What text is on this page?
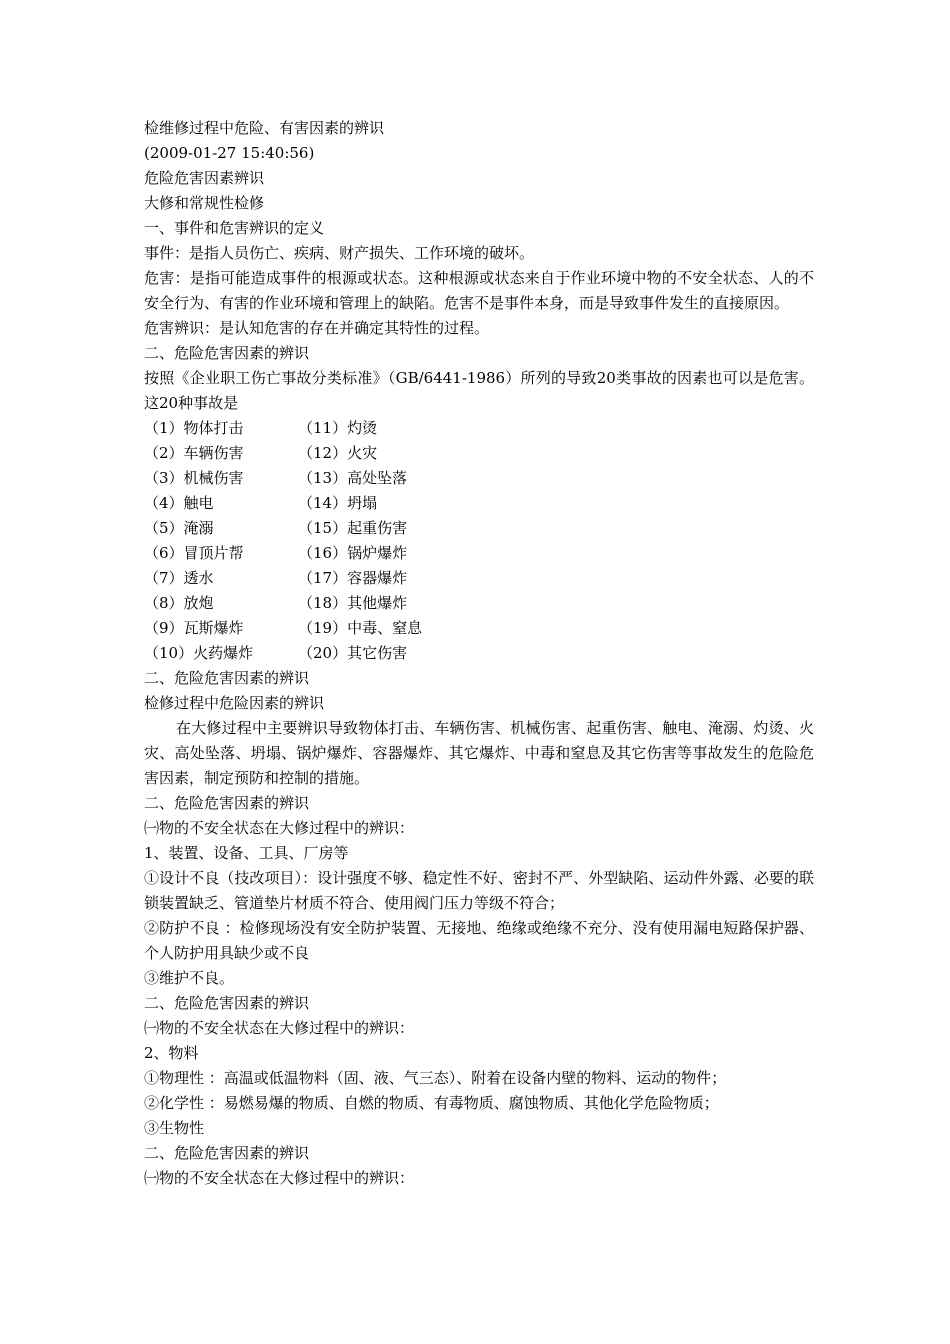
检维修过程中危险、有害因素的辨识
(2009-01-27 15:40:56)
危险危害因素辨识
大修和常规性检修
一、事件和危害辨识的定义
事件：是指人员伤亡、疾病、财产损失、工作环境的破坏。
危害：是指可能造成事件的根源或状态。这种根源或状态来自于作业环境中物的不安全状态、人的不安全行为、有害的作业环境和管理上的缺陷。危害不是事件本身，而是导致事件发生的直接原因。
危害辨识：是认知危害的存在并确定其特性的过程。
二、危险危害因素的辨识
按照《企业职工伤亡事故分类标准》（GB/6441-1986）所列的导致20类事故的因素也可以是危害。这20种事故是
（1）物体打击	（11）灼烫
（2）车辆伤害	（12）火灾
（3）机械伤害	（13）高处坠落
（4）触电	（14）坍塌
（5）淹溺	（15）起重伤害
（6）冒顶片帮	（16）锅炉爆炸
（7）透水	（17）容器爆炸
（8）放炮	（18）其他爆炸
（9）瓦斯爆炸	（19）中毒、窒息
（10）火药爆炸	（20）其它伤害
二、危险危害因素的辨识
检修过程中危险因素的辨识
在大修过程中主要辨识导致物体打击、车辆伤害、机械伤害、起重伤害、触电、淹溺、灼烫、火灾、高处坠落、坍塌、锅炉爆炸、容器爆炸、其它爆炸、中毒和窒息及其它伤害等事故发生的危险危害因素，制定预防和控制的措施。
二、危险危害因素的辨识
㈠物的不安全状态在大修过程中的辨识：
1、装置、设备、工具、厂房等
①设计不良（技改项目）：设计强度不够、稳定性不好、密封不严、外型缺陷、运动件外露、必要的联锁装置缺乏、管道垫片材质不符合、使用阀门压力等级不符合；
②防护不良 ：检修现场没有安全防护装置、无接地、绝缘或绝缘不充分、没有使用漏电短路保护器、个人防护用具缺少或不良
③维护不良。
二、危险危害因素的辨识
㈠物的不安全状态在大修过程中的辨识：
2、物料
①物理性 ：高温或低温物料（固、液、气三态）、附着在设备内壁的物料、运动的物件；
②化学性 ：易燃易爆的物质、自燃的物质、有毒物质、腐蚀物质、其他化学危险物质；
③生物性
二、危险危害因素的辨识
㈠物的不安全状态在大修过程中的辨识：
